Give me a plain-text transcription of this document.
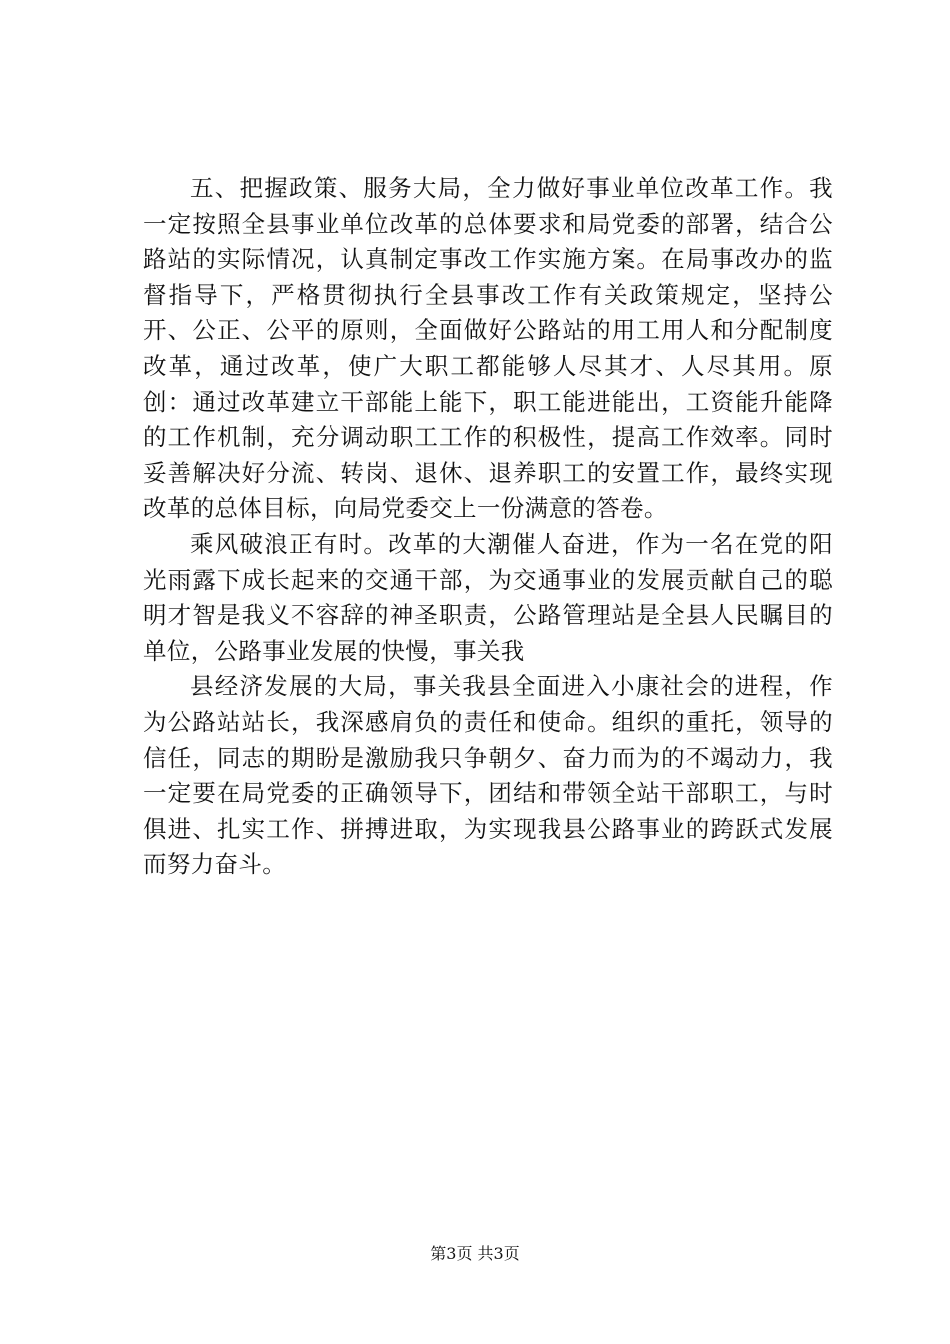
五、把握政策、服务大局，全力做好事业单位改革工作。我一定按照全县事业单位改革的总体要求和局党委的部署，结合公路站的实际情况，认真制定事改工作实施方案。在局事改办的监督指导下，严格贯彻执行全县事改工作有关政策规定，坚持公开、公正、公平的原则，全面做好公路站的用工用人和分配制度改革，通过改革，使广大职工都能够人尽其才、人尽其用。原创：通过改革建立干部能上能下，职工能进能出，工资能升能降的工作机制，充分调动职工工作的积极性，提高工作效率。同时妥善解决好分流、转岗、退休、退养职工的安置工作，最终实现改革的总体目标，向局党委交上一份满意的答卷。

乘风破浪正有时。改革的大潮催人奋进，作为一名在党的阳光雨露下成长起来的交通干部，为交通事业的发展贡献自己的聪明才智是我义不容辞的神圣职责，公路管理站是全县人民瞩目的单位，公路事业发展的快慢，事关我

县经济发展的大局，事关我县全面进入小康社会的进程，作为公路站站长，我深感肩负的责任和使命。组织的重托，领导的信任，同志的期盼是激励我只争朝夕、奋力而为的不竭动力，我一定要在局党委的正确领导下，团结和带领全站干部职工，与时俱进、扎实工作、拼搏进取，为实现我县公路事业的跨跃式发展而努力奋斗。

第3页 共3页
